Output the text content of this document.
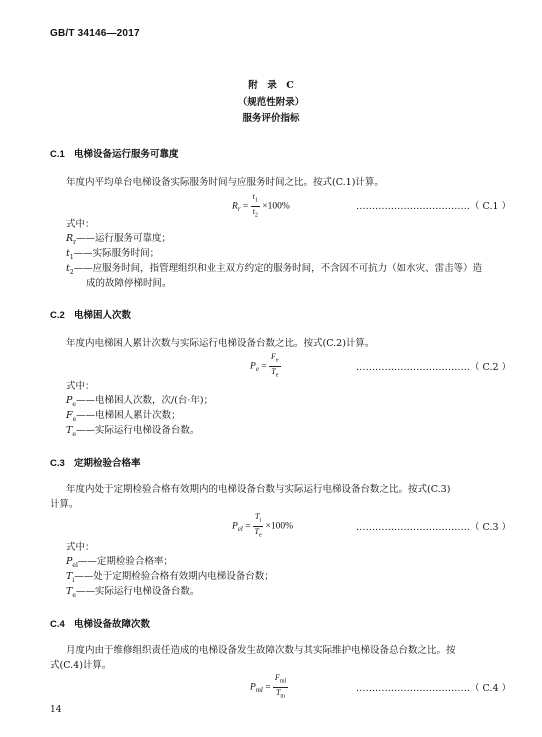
GB/T 34146—2017
附　录　C
（规范性附录）
服务评价指标
C.1 电梯设备运行服务可靠度
年度内平均单台电梯设备实际服务时间与应服务时间之比。按式(C.1)计算。
$R_r = \frac{t_1}{t_2} \times 100\%$	………………………………（ C.1 ）
式中：
$R_r——$运行服务可靠度；
$t_1——$实际服务时间；
$t_2——$应服务时间，指管理组织和业主双方约定的服务时间，不含因不可抗力（如水灾、雷击等）造
成的故障停梯时间。
C.2 电梯困人次数
年度内电梯困人累计次数与实际运行电梯设备台数之比。按式(C.2)计算。
$P_e = \frac{F_e}{T_e}$	………………………………（ C.2 ）
式中：
$P_e——$电梯困人次数，次/(台·年)；
$F_e——$电梯困人累计次数；
$T_e——$实际运行电梯设备台数。
C.3 定期检验合格率
年度内处于定期检验合格有效期内的电梯设备台数与实际运行电梯设备台数之比。按式(C.3)
计算。
$P_{el} = \frac{T_i}{T_e} \times 100\%$	………………………………（ C.3 ）
式中：
$P_{el}——$定期检验合格率；
$T_i——$处于定期检验合格有效期内电梯设备台数；
$T_e——$实际运行电梯设备台数。
C.4 电梯设备故障次数
月度内由于维修组织责任造成的电梯设备发生故障次数与其实际维护电梯设备总台数之比。按
式(C.4)计算。
$P_{ml} = \frac{F_{ml}}{T_m}$	………………………………（ C.4 ）
14
